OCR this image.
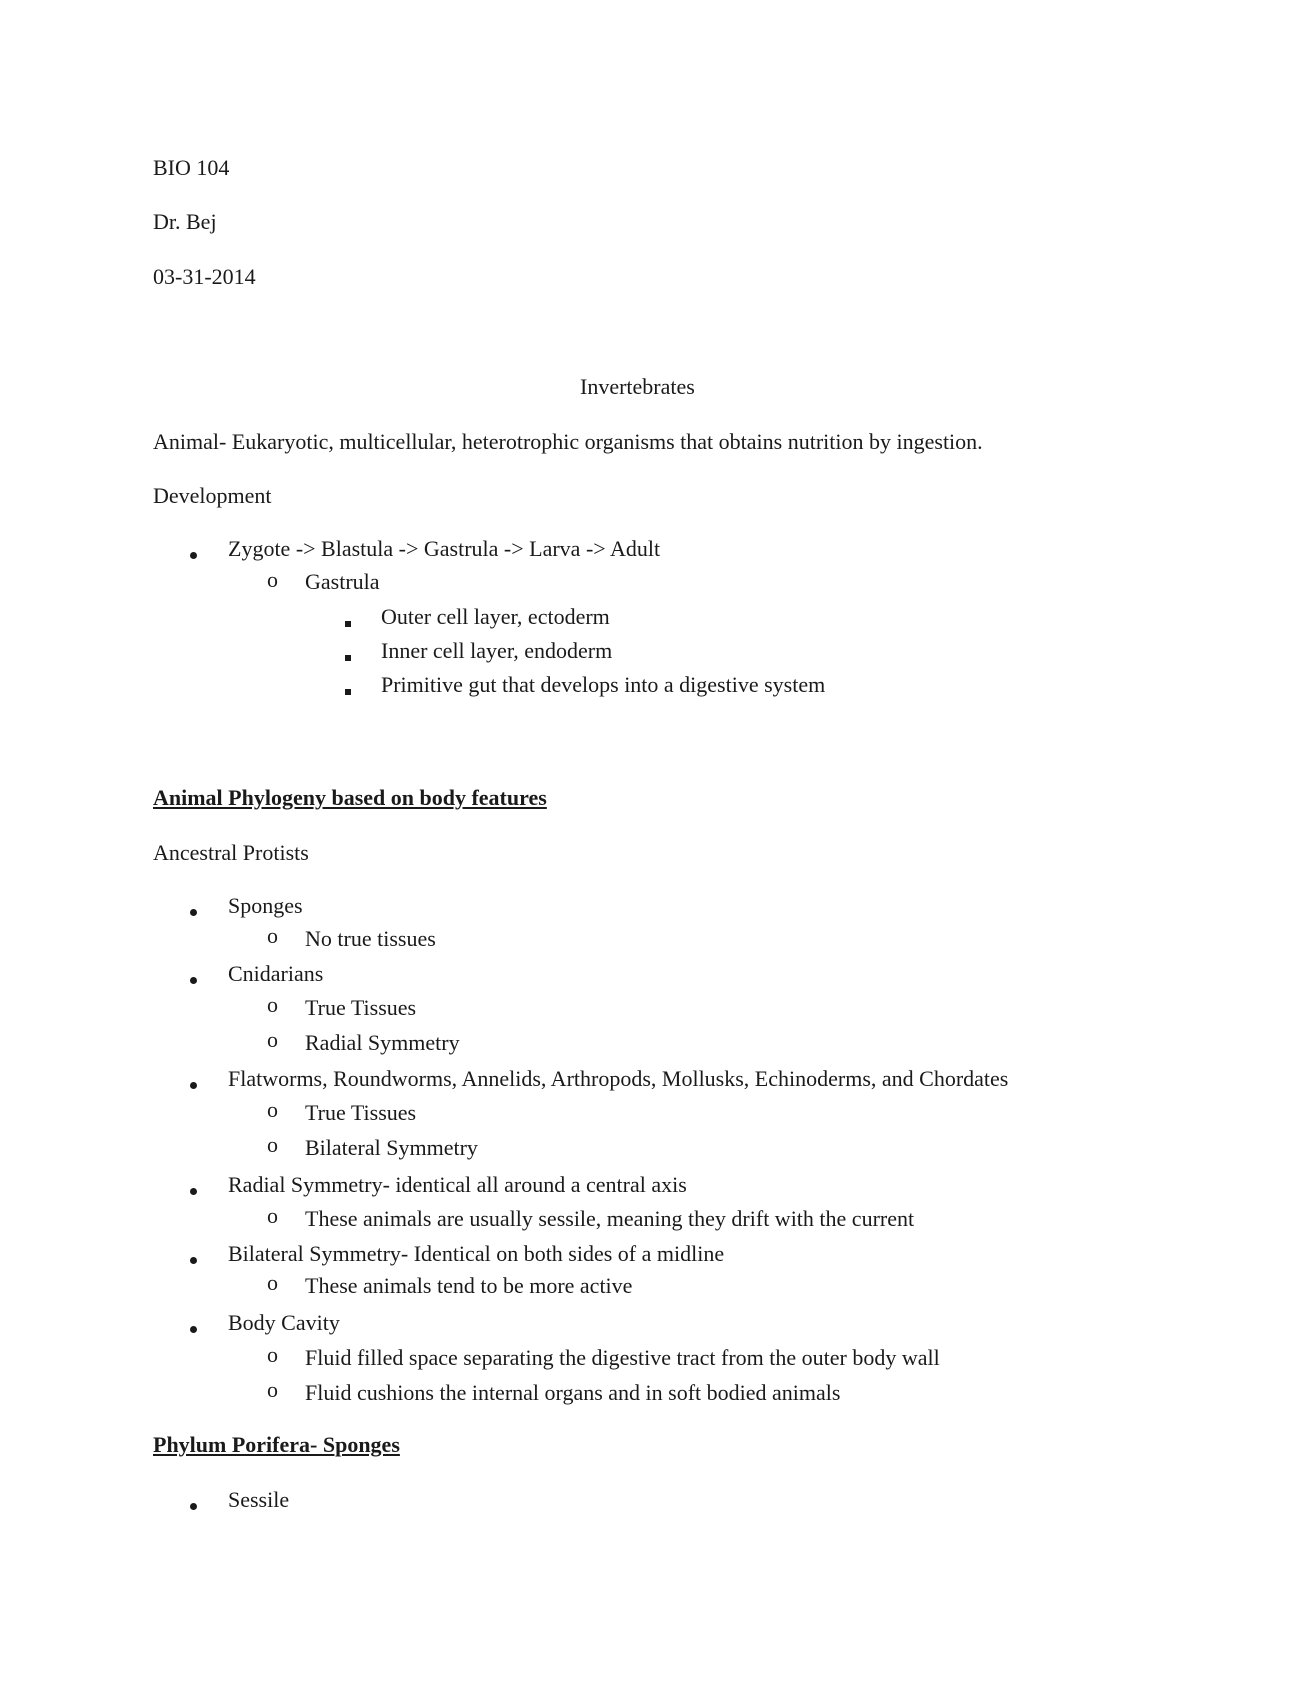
BIO 104
Dr. Bej
03-31-2014
Invertebrates
Animal- Eukaryotic, multicellular, heterotrophic organisms that obtains nutrition by ingestion.
Development
Zygote -> Blastula -> Gastrula -> Larva -> Adult
o Gastrula
Outer cell layer, ectoderm
Inner cell layer, endoderm
Primitive gut that develops into a digestive system
Animal Phylogeny based on body features
Ancestral Protists
Sponges
o No true tissues
Cnidarians
o True Tissues
o Radial Symmetry
Flatworms, Roundworms, Annelids, Arthropods, Mollusks, Echinoderms, and Chordates
o True Tissues
o Bilateral Symmetry
Radial Symmetry- identical all around a central axis
o These animals are usually sessile, meaning they drift with the current
Bilateral Symmetry- Identical on both sides of a midline
o These animals tend to be more active
Body Cavity
o Fluid filled space separating the digestive tract from the outer body wall
o Fluid cushions the internal organs and in soft bodied animals
Phylum Porifera- Sponges
Sessile
